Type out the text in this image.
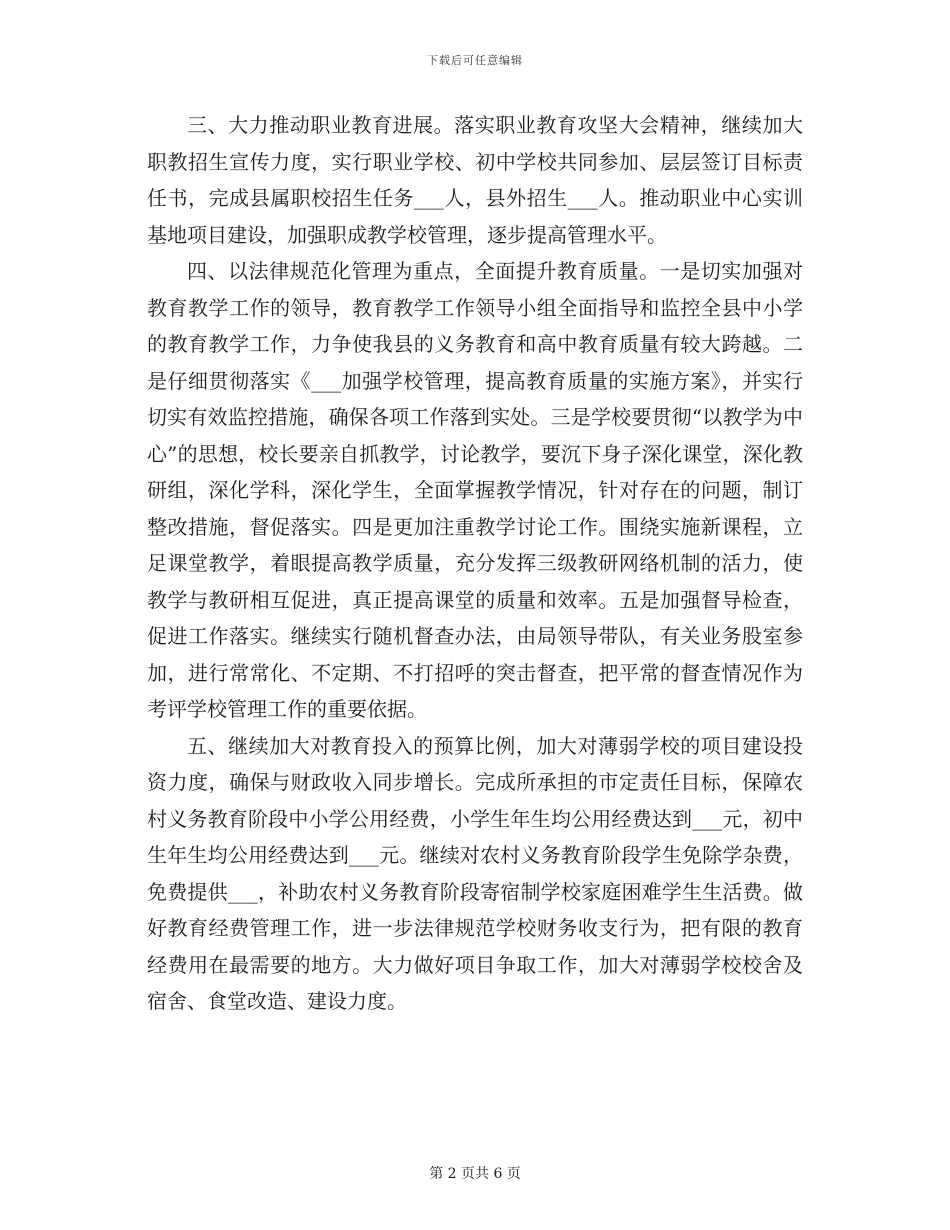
下载后可任意编辑

三、大力推动职业教育进展。落实职业教育攻坚大会精神，继续加大职教招生宣传力度，实行职业学校、初中学校共同参加、层层签订目标责任书，完成县属职校招生任务___人，县外招生___人。推动职业中心实训基地项目建设，加强职成教学校管理，逐步提高管理水平。

四、以法律规范化管理为重点，全面提升教育质量。一是切实加强对教育教学工作的领导，教育教学工作领导小组全面指导和监控全县中小学的教育教学工作，力争使我县的义务教育和高中教育质量有较大跨越。二是仔细贯彻落实《___加强学校管理，提高教育质量的实施方案》，并实行切实有效监控措施，确保各项工作落到实处。三是学校要贯彻“以教学为中心”的思想，校长要亲自抓教学，讨论教学，要沉下身子深化课堂，深化教研组，深化学科，深化学生，全面掌握教学情况，针对存在的问题，制订整改措施，督促落实。四是更加注重教学讨论工作。围绕实施新课程，立足课堂教学，着眼提高教学质量，充分发挥三级教研网络机制的活力，使教学与教研相互促进，真正提高课堂的质量和效率。五是加强督导检查，促进工作落实。继续实行随机督查办法，由局领导带队，有关业务股室参加，进行常常化、不定期、不打招呼的突击督查，把平常的督查情况作为考评学校管理工作的重要依据。

五、继续加大对教育投入的预算比例，加大对薄弱学校的项目建设投资力度，确保与财政收入同步增长。完成所承担的市定责任目标，保障农村义务教育阶段中小学公用经费，小学生年生均公用经费达到___元，初中生年生均公用经费达到___元。继续对农村义务教育阶段学生免除学杂费，免费提供___，补助农村义务教育阶段寄宿制学校家庭困难学生生活费。做好教育经费管理工作，进一步法律规范学校财务收支行为，把有限的教育经费用在最需要的地方。大力做好项目争取工作，加大对薄弱学校校舍及宿舍、食堂改造、建设力度。

第 2 页共 6 页
